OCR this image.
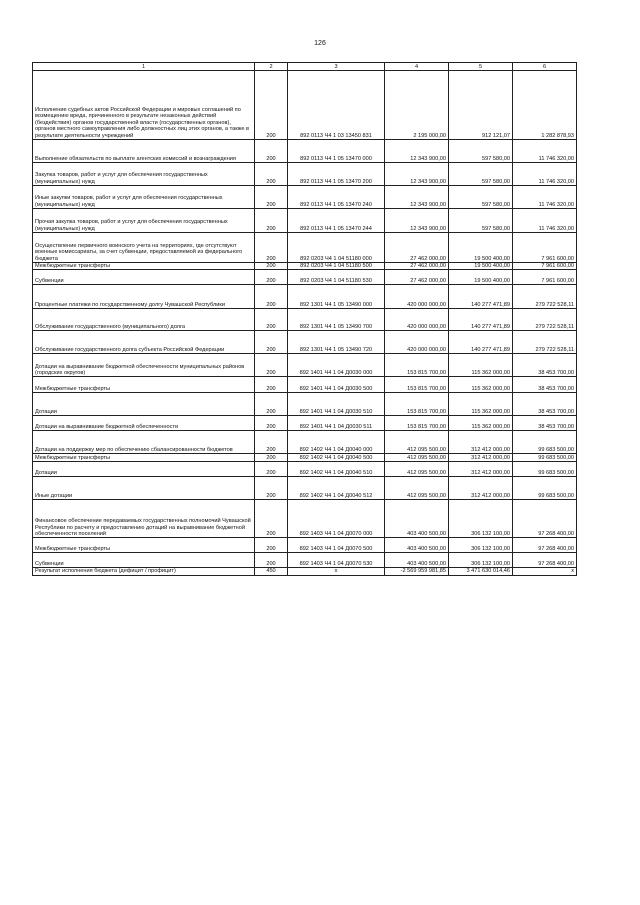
126
1	2	3	4	5	6
Исполнение судебных актов Российской Федерации и мировых соглашений по возмещению вреда, причиненного в результате незаконных действий (бездействия) органов государственной власти (государственных органов), органов местного самоуправления либо должностных лиц этих органов, а также в результате деятельности учреждений	200	892 0113 Ч4 1 03 13450 831	2 195 000,00	912 121,07	1 282 878,93
Выполнение обязательств по выплате агентских комиссий и вознаграждения	200	892 0113 Ч4 1 05 13470 000	12 343 900,00	597 580,00	11 746 320,00
Закупка товаров, работ и услуг для обеспечения государственных (муниципальных) нужд	200	892 0113 Ч4 1 05 13470 200	12 343 900,00	597 580,00	11 746 320,00
Иные закупки товаров, работ и услуг для обеспечения государственных (муниципальных) нужд	200	892 0113 Ч4 1 05 13470 240	12 343 900,00	597 580,00	11 746 320,00
Прочая закупка товаров, работ и услуг для обеспечения государственных (муниципальных) нужд	200	892 0113 Ч4 1 05 13470 244	12 343 900,00	597 580,00	11 746 320,00
Осуществление первичного воинского учета на территориях, где отсутствуют военные комиссариаты, за счет субвенции, предоставляемой из федерального бюджета	200	892 0203 Ч4 1 04 51180 000	27 462 000,00	19 500 400,00	7 961 600,00
Межбюджетные трансферты	200	892 0203 Ч4 1 04 51180 500	27 462 000,00	19 500 400,00	7 961 600,00
Субвенции	200	892 0203 Ч4 1 04 51180 530	27 462 000,00	19 500 400,00	7 961 600,00
Процентные платежи по государственному долгу Чувашской Республики	200	892 1301 Ч4 1 05 13490 000	420 000 000,00	140 277 471,89	279 722 528,11
Обслуживание государственного (муниципального) долга	200	892 1301 Ч4 1 05 13490 700	420 000 000,00	140 277 471,89	279 722 528,11
Обслуживание государственного долга субъекта Российской Федерации	200	892 1301 Ч4 1 05 13490 720	420 000 000,00	140 277 471,89	279 722 528,11
Дотации на выравнивание бюджетной обеспеченности муниципальных районов (городских округов)	200	892 1401 Ч4 1 04 Д0030 000	153 815 700,00	115 362 000,00	38 453 700,00
Межбюджетные трансферты	200	892 1401 Ч4 1 04 Д0030 500	153 815 700,00	115 362 000,00	38 453 700,00
Дотации	200	892 1401 Ч4 1 04 Д0030 510	153 815 700,00	115 362 000,00	38 453 700,00
Дотации на выравнивание бюджетной обеспеченности	200	892 1401 Ч4 1 04 Д0030 511	153 815 700,00	115 362 000,00	38 453 700,00
Дотации на поддержку мер по обеспечению сбалансированности бюджетов	200	892 1402 Ч4 1 04 Д0040 000	412 095 500,00	312 412 000,00	99 683 500,00
Межбюджетные трансферты	200	892 1402 Ч4 1 04 Д0040 500	412 095 500,00	312 412 000,00	99 683 500,00
Дотации	200	892 1402 Ч4 1 04 Д0040 510	412 095 500,00	312 412 000,00	99 683 500,00
Иные дотации	200	892 1402 Ч4 1 04 Д0040 512	412 095 500,00	312 412 000,00	99 683 500,00
Финансовое обеспечение передаваемых государственных полномочий Чувашской Республики по расчету и предоставлению дотаций на выравнивание бюджетной обеспеченности поселений	200	892 1403 Ч4 1 04 Д0070 000	403 400 500,00	306 132 100,00	97 268 400,00
Межбюджетные трансферты	200	892 1403 Ч4 1 04 Д0070 500	403 400 500,00	306 132 100,00	97 268 400,00
Субвенции	200	892 1403 Ч4 1 04 Д0070 530	403 400 500,00	306 132 100,00	97 268 400,00
Результат исполнения бюджета (дефицит / профицит)	450	x	-2 569 959 981,85	3 471 630 014,46	x
